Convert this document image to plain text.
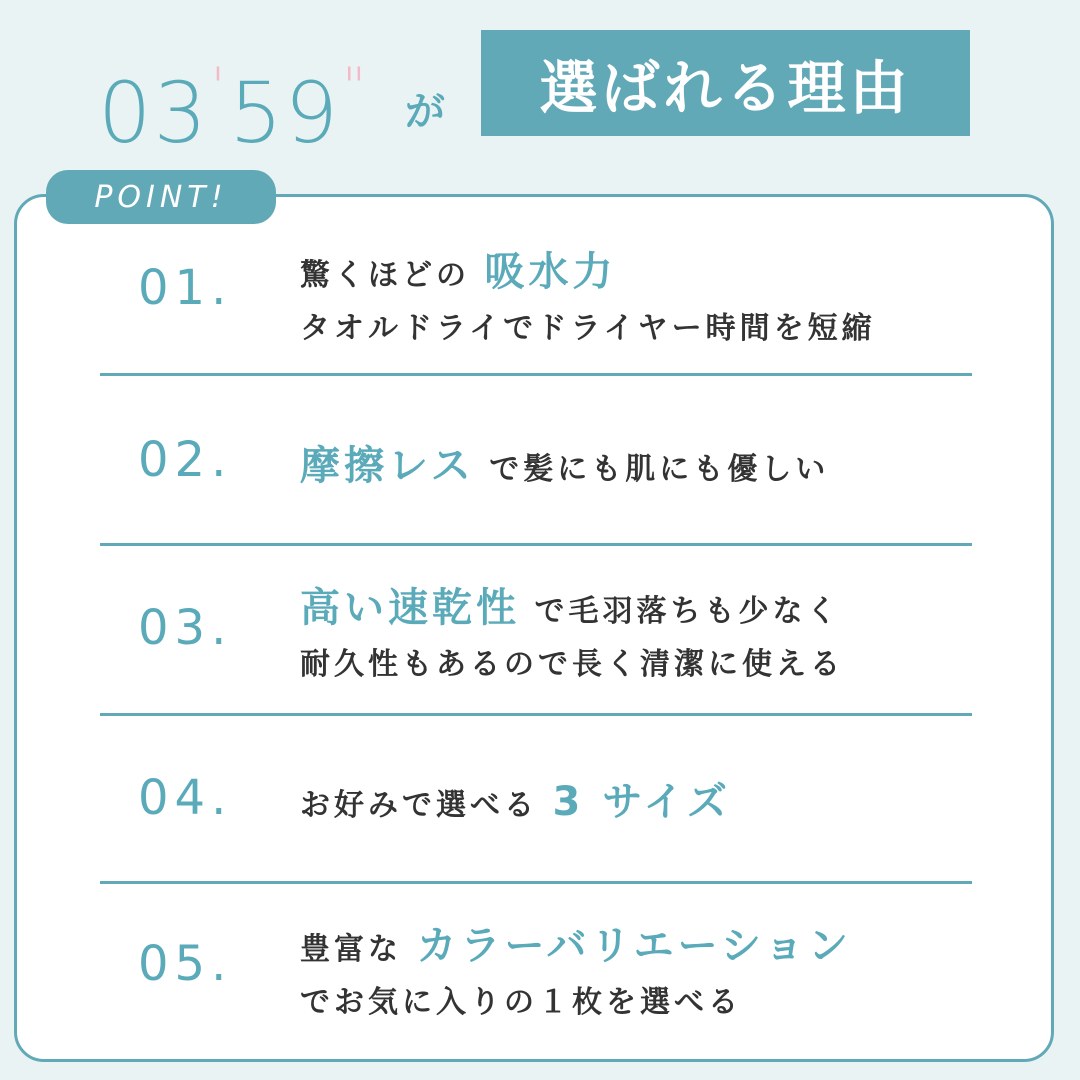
03'59" が	選ばれる理由
POINT!
01. 驚くほどの 吸水力
タオルドライでドライヤー時間を短縮
02. 摩擦レス で髪にも肌にも優しい
03. 高い速乾性 で毛羽落ちも少なく
耐久性もあるので長く清潔に使える
04. お好みで選べる 3 サイズ
05. 豊富な カラーバリエーション
でお気に入りの１枚を選べる
